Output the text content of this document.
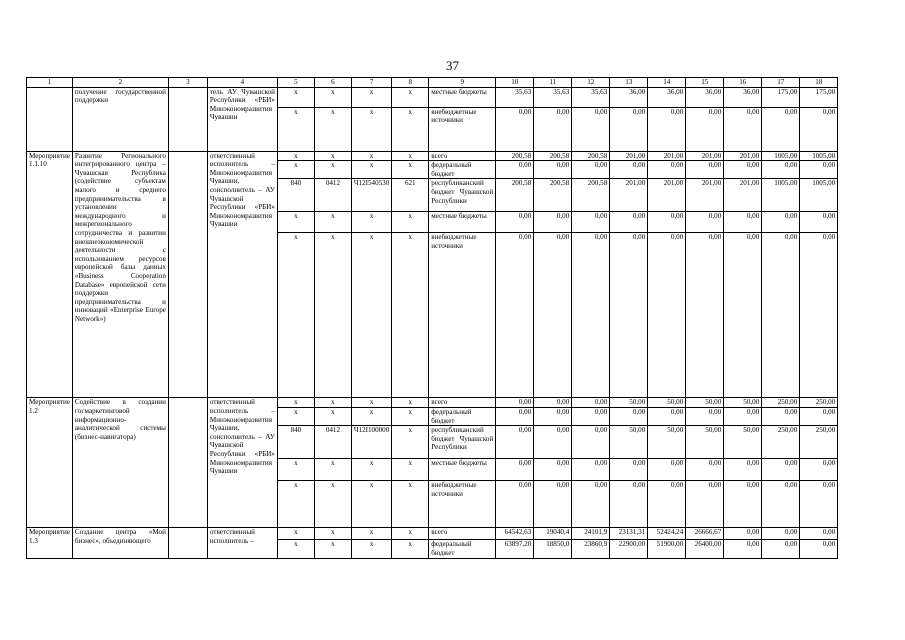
37
1	2	3	4	5	6	7	8	9	10	11	12	13	14	15	16	17	18
	получение государственной поддержки		тель АУ Чувашской Республики «РБИ» Минэкономразвития Чувашии	x	x	x	x	местные бюджеты	35,63	35,63	35,63	36,00	36,00	36,00	36,00	175,00	175,00
				x	x	x	x	внебюджетные источники	0,00	0,00	0,00	0,00	0,00	0,00	0,00	0,00	0,00
Мероприятие 1.1.10	Развитие Регионального интегрированного центра – Чувашская Республика (содействие субъектам малого и среднего предпринимательства в установлении международного и межрегионального сотрудничества и развитии внешнеэкономической деятельности с использованием ресурсов европейской базы данных «Business Cooperation Database» европейской сети поддержки предпринимательства и инноваций «Enterprise Europe Network»)		ответственный исполнитель – Минэкономразвития Чувашии, соисполнитель – АУ Чувашской Республики «РБИ» Минэкономразвития Чувашии	x	x	x	x	всего	200,58	200,58	200,58	201,00	201,00	201,00	201,00	1005,00	1005,00
				x	x	x	x	федеральный бюджет	0,00	0,00	0,00	0,00	0,00	0,00	0,00	0,00	0,00
				840	0412	Ч12I540530	621	республиканский бюджет Чувашской Республики	200,58	200,58	200,58	201,00	201,00	201,00	201,00	1005,00	1005,00
				x	x	x	x	местные бюджеты	0,00	0,00	0,00	0,00	0,00	0,00	0,00	0,00	0,00
				x	x	x	x	внебюджетные источники	0,00	0,00	0,00	0,00	0,00	0,00	0,00	0,00	0,00
Мероприятие 1.2	Содействие в создании госмаркетинговой информационно-аналитической системы (бизнес-навигатора)		ответственный исполнитель – Минэкономразвития Чувашии, соисполнитель – АУ Чувашской Республики «РБИ» Минэкономразвития Чувашии	x	x	x	x	всего	0,00	0,00	0,00	50,00	50,00	50,00	50,00	250,00	250,00
				x	x	x	x	федеральный бюджет	0,00	0,00	0,00	0,00	0,00	0,00	0,00	0,00	0,00
				840	0412	Ч12I100000	x	республиканский бюджет Чувашской Республики	0,00	0,00	0,00	50,00	50,00	50,00	50,00	250,00	250,00
				x	x	x	x	местные бюджеты	0,00	0,00	0,00	0,00	0,00	0,00	0,00	0,00	0,00
				x	x	x	x	внебюджетные источники	0,00	0,00	0,00	0,00	0,00	0,00	0,00	0,00	0,00
Мероприятие 1.3	Создание центра «Мой бизнес», объединяющего		ответственный исполнитель –	x	x	x	x	всего	64542,63	19040,4	24101,9	23131,31	52424,24	26666,67	0,00	0,00	0,00
				x	x	x	x	федеральный бюджет	63897,20	18850,0	23860,9	22900,00	51900,00	26400,00	0,00	0,00	0,00
